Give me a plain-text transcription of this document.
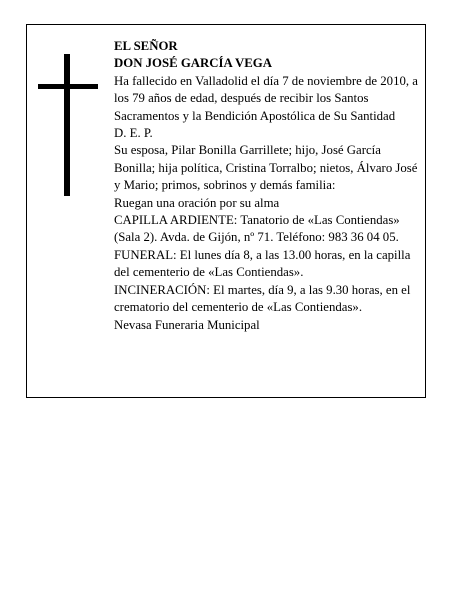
EL SEÑOR

DON JOSÉ GARCÍA VEGA

Ha fallecido en Valladolid el día 7 de noviembre de 2010, a los 79 años de edad, después de recibir los Santos Sacramentos y la Bendición Apostólica de Su Santidad

D. E. P.

Su esposa, Pilar Bonilla Garrillete; hijo, José García Bonilla; hija política, Cristina Torralbo; nietos, Álvaro José y Mario; primos, sobrinos y demás familia:

Ruegan una oración por su alma

CAPILLA ARDIENTE: Tanatorio de «Las Contiendas» (Sala 2). Avda. de Gijón, nº 71. Teléfono: 983 36 04 05.

FUNERAL: El lunes día 8, a las 13.00 horas, en la capilla del cementerio de «Las Contiendas».

INCINERACIÓN: El martes, día 9, a las 9.30 horas, en el crematorio del cementerio de «Las Contiendas».

Nevasa Funeraria Municipal
